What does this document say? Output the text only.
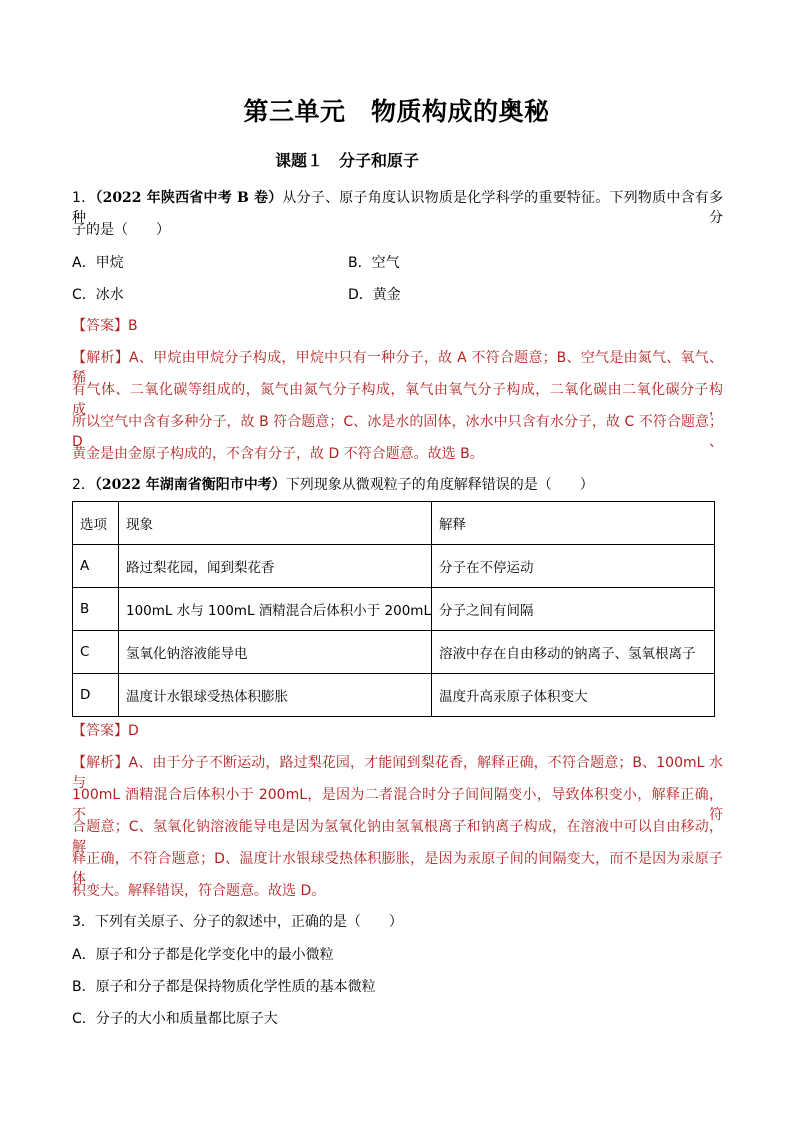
第三单元　物质构成的奥秘
课题１　分子和原子
1．（2022 年陕西省中考 B 卷）从分子、原子角度认识物质是化学科学的重要特征。下列物质中含有多种分
子的是（　　）
A．甲烷	B．空气
C．冰水	D．黄金
【答案】B
【解析】A、甲烷由甲烷分子构成，甲烷中只有一种分子，故 A 不符合题意；B、空气是由氮气、氧气、稀
有气体、二氧化碳等组成的，氮气由氮气分子构成，氧气由氧气分子构成，二氧化碳由二氧化碳分子构成，
所以空气中含有多种分子，故 B 符合题意；C、冰是水的固体，冰水中只含有水分子，故 C 不符合题意；D、
黄金是由金原子构成的，不含有分子，故 D 不符合题意。故选 B。
2．（2022 年湖南省衡阳市中考）下列现象从微观粒子的角度解释错误的是（　　）
选项	现象	解释
A	路过梨花园，闻到梨花香	分子在不停运动
B	100mL 水与 100mL 酒精混合后体积小于 200mL	分子之间有间隔
C	氢氧化钠溶液能导电	溶液中存在自由移动的钠离子、氢氧根离子
D	温度计水银球受热体积膨胀	温度升高汞原子体积变大
【答案】D
【解析】A、由于分子不断运动，路过梨花园，才能闻到梨花香，解释正确，不符合题意；B、100mL 水与
100mL 酒精混合后体积小于 200mL，是因为二者混合时分子间间隔变小，导致体积变小，解释正确，不符
合题意；C、氢氧化钠溶液能导电是因为氢氧化钠由氢氧根离子和钠离子构成，在溶液中可以自由移动，解
释正确，不符合题意；D、温度计水银球受热体积膨胀，是因为汞原子间的间隔变大，而不是因为汞原子体
积变大。解释错误，符合题意。故选 D。
3．下列有关原子、分子的叙述中，正确的是（　　）
A．原子和分子都是化学变化中的最小微粒
B．原子和分子都是保持物质化学性质的基本微粒
C．分子的大小和质量都比原子大
